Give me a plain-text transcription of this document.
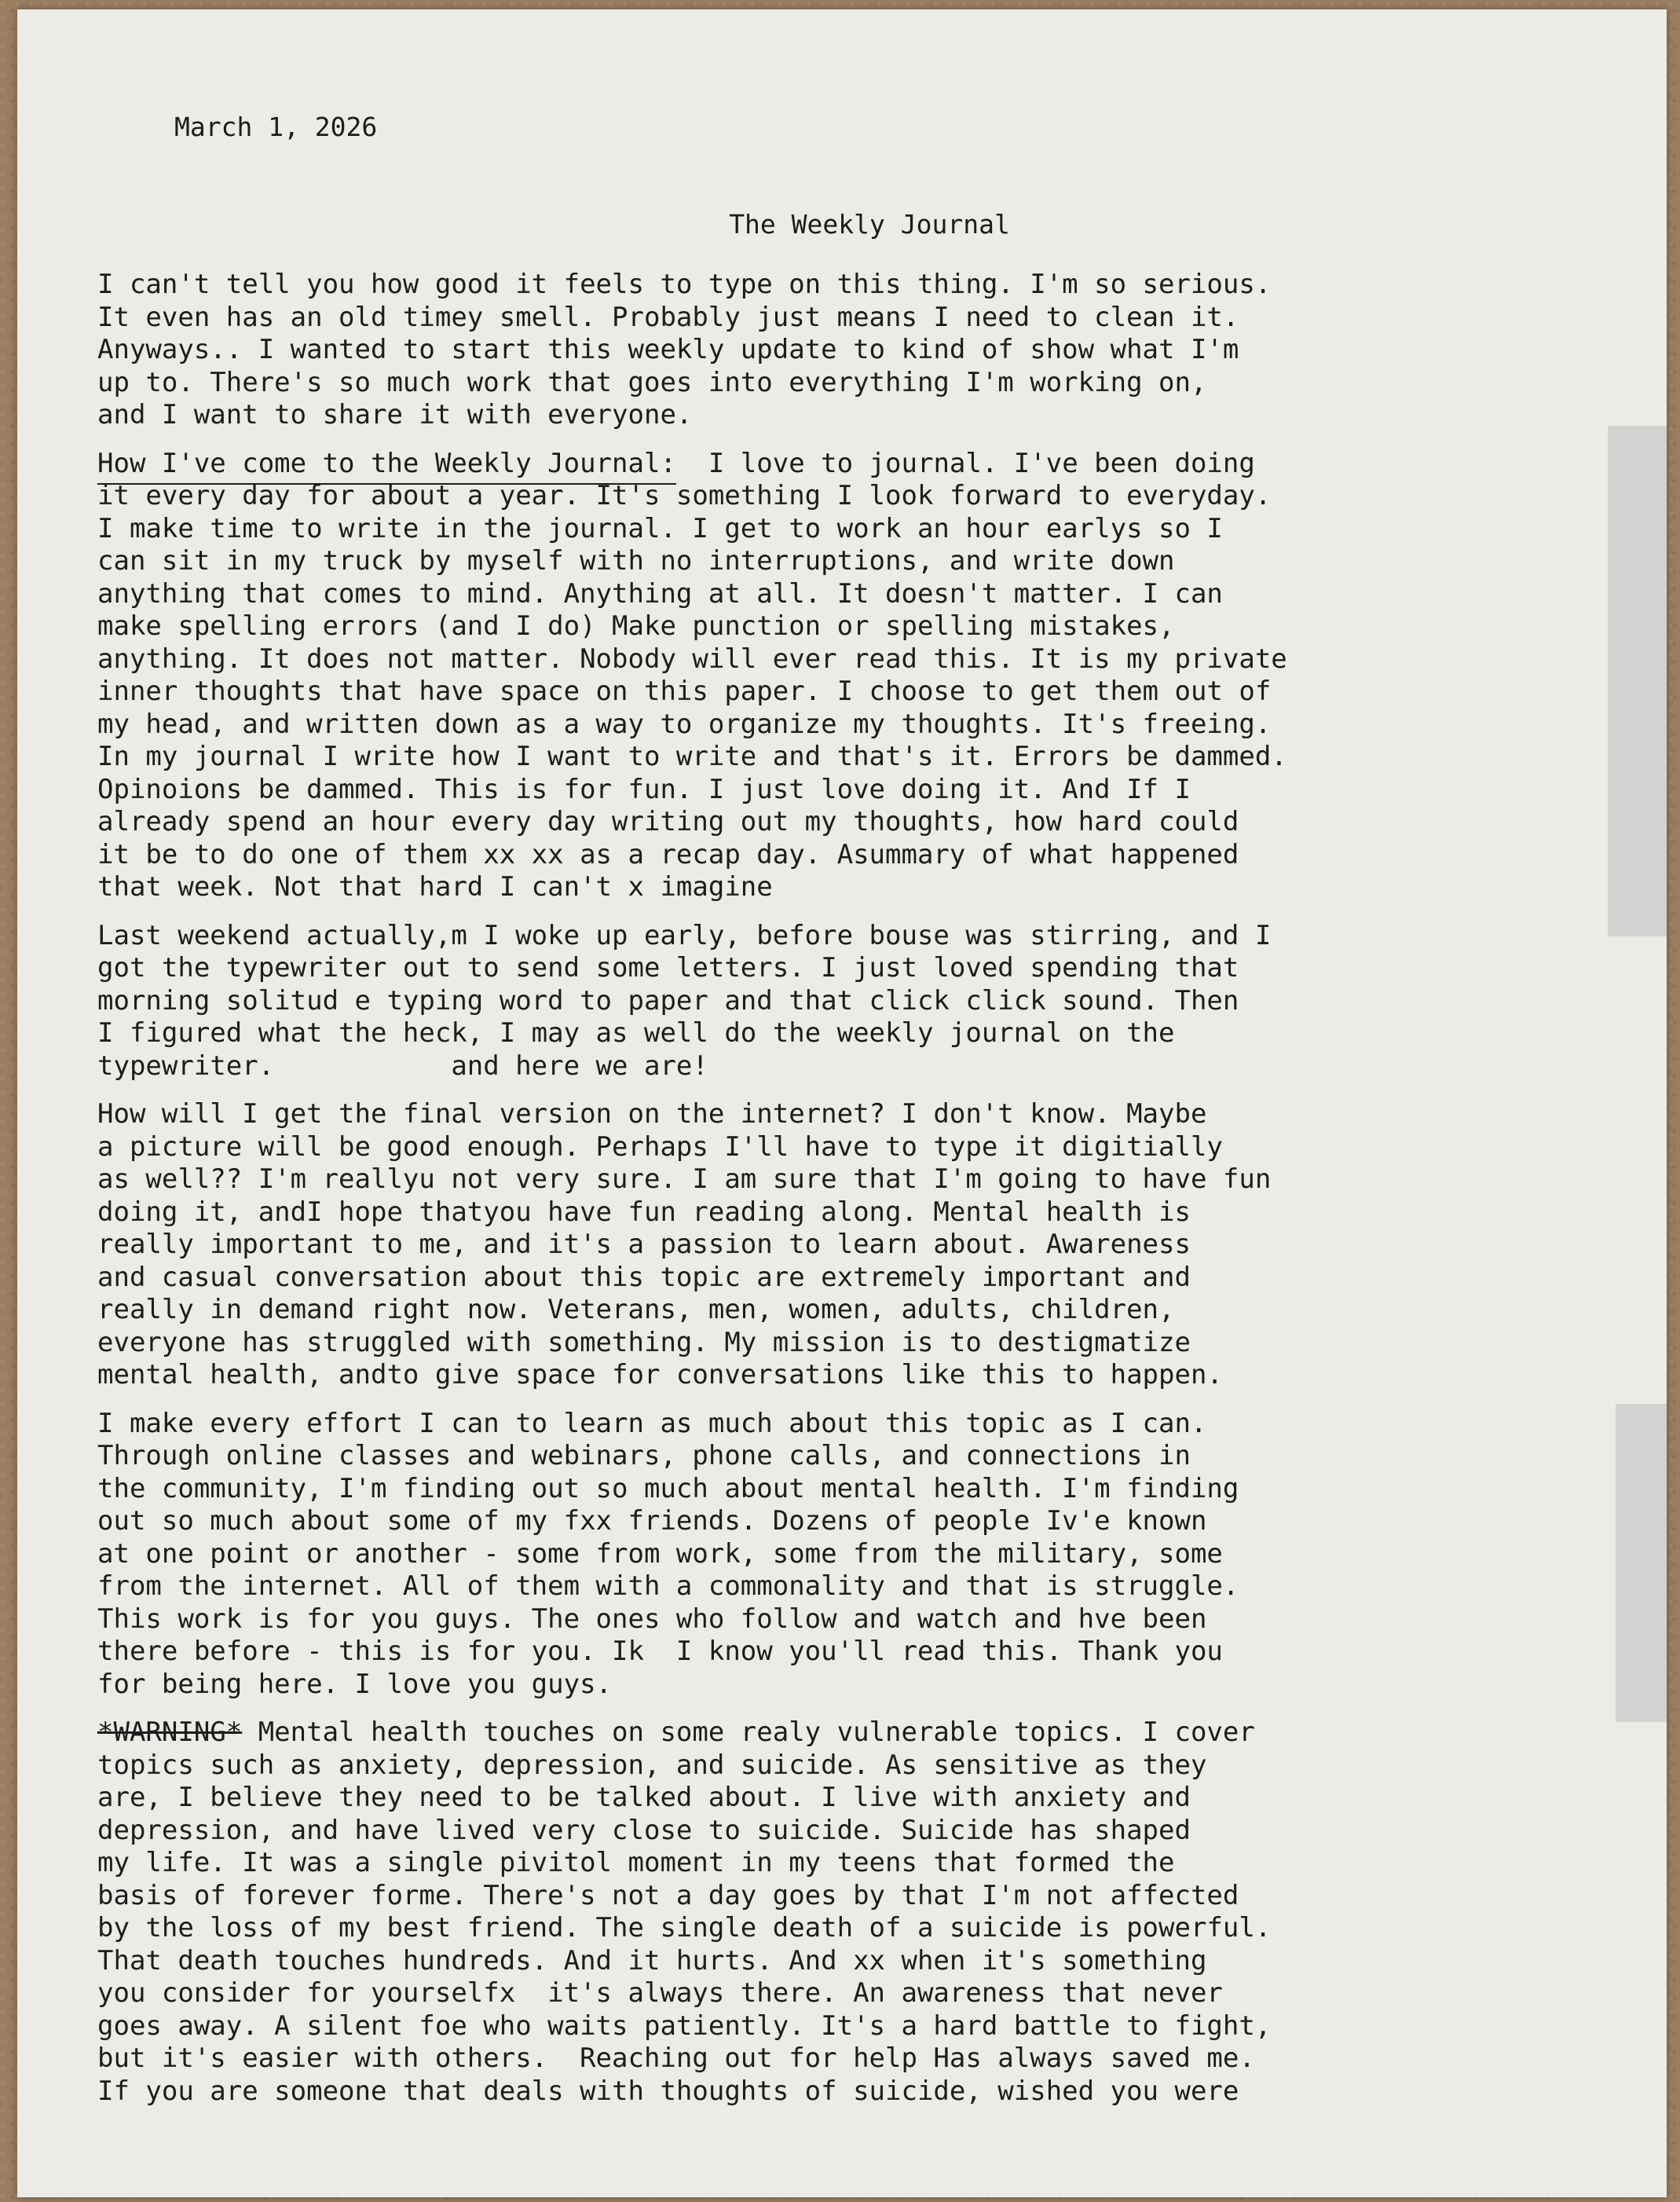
March 1, 2026
The Weekly Journal
I can't tell you how good it feels to type on this thing. I'm so serious.
It even has an old timey smell. Probably just means I need to clean it.
Anyways.. I wanted to start this weekly update to kind of show what I'm
up to. There's so much work that goes into everything I'm working on,
and I want to share it with everyone.
How I've come to the Weekly Journal:  I love to journal. I've been doing
it every day for about a year. It's something I look forward to everyday.
I make time to write in the journal. I get to work an hour earlys so I
can sit in my truck by myself with no interruptions, and write down
anything that comes to mind. Anything at all. It doesn't matter. I can
make spelling errors (and I do) Make punction or spelling mistakes,
anything. It does not matter. Nobody will ever read this. It is my private
inner thoughts that have space on this paper. I choose to get them out of
my head, and written down as a way to organize my thoughts. It's freeing.
In my journal I write how I want to write and that's it. Errors be dammed.
Opinoions be dammed. This is for fun. I just love doing it. And If I
already spend an hour every day writing out my thoughts, how hard could
it be to do one of them xx xx as a recap day. Asummary of what happened
that week. Not that hard I can't x imagine
Last weekend actually,m I woke up early, before bouse was stirring, and I
got the typewriter out to send some letters. I just loved spending that
morning solitud e typing word to paper and that click click sound. Then
I figured what the heck, I may as well do the weekly journal on the
typewriter.           and here we are!
How will I get the final version on the internet? I don't know. Maybe
a picture will be good enough. Perhaps I'll have to type it digitially
as well?? I'm reallyu not very sure. I am sure that I'm going to have fun
doing it, andI hope thatyou have fun reading along. Mental health is
really important to me, and it's a passion to learn about. Awareness
and casual conversation about this topic are extremely important and
really in demand right now. Veterans, men, women, adults, children,
everyone has struggled with something. My mission is to destigmatize
mental health, andto give space for conversations like this to happen.
I make every effort I can to learn as much about this topic as I can.
Through online classes and webinars, phone calls, and connections in
the community, I'm finding out so much about mental health. I'm finding
out so much about some of my fxx friends. Dozens of people Iv'e known
at one point or another - some from work, some from the military, some
from the internet. All of them with a commonality and that is struggle.
This work is for you guys. The ones who follow and watch and hve been
there before - this is for you. Ik  I know you'll read this. Thank you
for being here. I love you guys.
*WARNING* Mental health touches on some realy vulnerable topics. I cover
topics such as anxiety, depression, and suicide. As sensitive as they
are, I believe they need to be talked about. I live with anxiety and
depression, and have lived very close to suicide. Suicide has shaped
my life. It was a single pivitol moment in my teens that formed the
basis of forever forme. There's not a day goes by that I'm not affected
by the loss of my best friend. The single death of a suicide is powerful.
That death touches hundreds. And it hurts. And xx when it's something
you consider for yourselfx  it's always there. An awareness that never
goes away. A silent foe who waits patiently. It's a hard battle to fight,
but it's easier with others.  Reaching out for help Has always saved me.
If you are someone that deals with thoughts of suicide, wished you were
